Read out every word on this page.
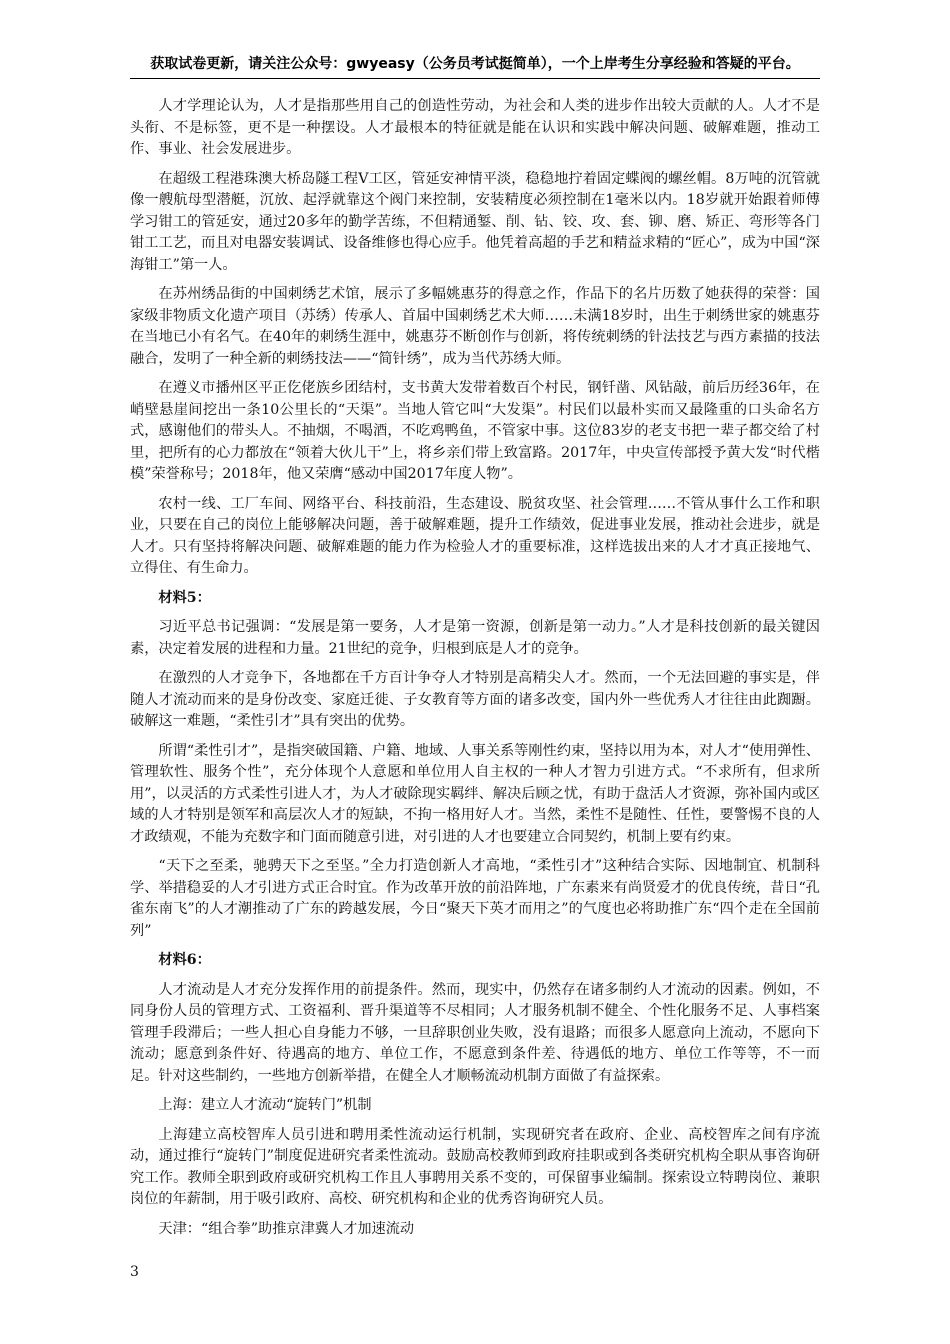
获取试卷更新，请关注公众号：gwyeasy（公务员考试挺简单），一个上岸考生分享经验和答疑的平台。

人才学理论认为，人才是指那些用自己的创造性劳动，为社会和人类的进步作出较大贡献的人。人才不是头衔、不是标签，更不是一种摆设。人才最根本的特征就是能在认识和实践中解决问题、破解难题，推动工作、事业、社会发展进步。

在超级工程港珠澳大桥岛隧工程Ⅴ工区，管延安神情平淡，稳稳地拧着固定蝶阀的螺丝帽。8万吨的沉管就像一艘航母型潜艇，沉放、起浮就靠这个阀门来控制，安装精度必须控制在1毫米以内。18岁就开始跟着师傅学习钳工的管延安，通过20多年的勤学苦练，不但精通錾、削、钻、铰、攻、套、铆、磨、矫正、弯形等各门钳工工艺，而且对电器安装调试、设备维修也得心应手。他凭着高超的手艺和精益求精的“匠心”，成为中国“深海钳工”第一人。

在苏州绣品街的中国刺绣艺术馆，展示了多幅姚惠芬的得意之作，作品下的名片历数了她获得的荣誉：国家级非物质文化遗产项目（苏绣）传承人、首届中国刺绣艺术大师……未满18岁时，出生于刺绣世家的姚惠芬在当地已小有名气。在40年的刺绣生涯中，姚惠芬不断创作与创新，将传统刺绣的针法技艺与西方素描的技法融合，发明了一种全新的刺绣技法——“简针绣”，成为当代苏绣大师。

在遵义市播州区平正仡佬族乡团结村，支书黄大发带着数百个村民，钢钎凿、风钻敲，前后历经36年，在峭壁悬崖间挖出一条10公里长的“天渠”。当地人管它叫“大发渠”。村民们以最朴实而又最隆重的口头命名方式，感谢他们的带头人。不抽烟，不喝酒，不吃鸡鸭鱼，不管家中事。这位83岁的老支书把一辈子都交给了村里，把所有的心力都放在“领着大伙儿干”上，将乡亲们带上致富路。2017年，中央宣传部授予黄大发“时代楷模”荣誉称号；2018年，他又荣膺“感动中国2017年度人物”。

农村一线、工厂车间、网络平台、科技前沿，生态建设、脱贫攻坚、社会管理……不管从事什么工作和职业，只要在自己的岗位上能够解决问题，善于破解难题，提升工作绩效，促进事业发展，推动社会进步，就是人才。只有坚持将解决问题、破解难题的能力作为检验人才的重要标准，这样选拔出来的人才才真正接地气、立得住、有生命力。

材料5：

习近平总书记强调：“发展是第一要务，人才是第一资源，创新是第一动力。”人才是科技创新的最关键因素，决定着发展的进程和力量。21世纪的竞争，归根到底是人才的竞争。

在激烈的人才竞争下，各地都在千方百计争夺人才特别是高精尖人才。然而，一个无法回避的事实是，伴随人才流动而来的是身份改变、家庭迁徙、子女教育等方面的诸多改变，国内外一些优秀人才往往由此踟蹰。破解这一难题，“柔性引才”具有突出的优势。

所谓“柔性引才”，是指突破国籍、户籍、地域、人事关系等刚性约束，坚持以用为本，对人才“使用弹性、管理软性、服务个性”，充分体现个人意愿和单位用人自主权的一种人才智力引进方式。“不求所有，但求所用”，以灵活的方式柔性引进人才，为人才破除现实羁绊、解决后顾之忧，有助于盘活人才资源，弥补国内或区域的人才特别是领军和高层次人才的短缺，不拘一格用好人才。当然，柔性不是随性、任性，要警惕不良的人才政绩观，不能为充数字和门面而随意引进，对引进的人才也要建立合同契约，机制上要有约束。

“天下之至柔，驰骋天下之至坚。”全力打造创新人才高地，“柔性引才”这种结合实际、因地制宜、机制科学、举措稳妥的人才引进方式正合时宜。作为改革开放的前沿阵地，广东素来有尚贤爱才的优良传统，昔日“孔雀东南飞”的人才潮推动了广东的跨越发展，今日“聚天下英才而用之”的气度也必将助推广东“四个走在全国前列”

材料6：

人才流动是人才充分发挥作用的前提条件。然而，现实中，仍然存在诸多制约人才流动的因素。例如，不同身份人员的管理方式、工资福利、晋升渠道等不尽相同；人才服务机制不健全、个性化服务不足、人事档案管理手段滞后；一些人担心自身能力不够，一旦辞职创业失败，没有退路；而很多人愿意向上流动，不愿向下流动；愿意到条件好、待遇高的地方、单位工作，不愿意到条件差、待遇低的地方、单位工作等等，不一而足。针对这些制约，一些地方创新举措，在健全人才顺畅流动机制方面做了有益探索。

上海：建立人才流动“旋转门”机制

上海建立高校智库人员引进和聘用柔性流动运行机制，实现研究者在政府、企业、高校智库之间有序流动，通过推行“旋转门”制度促进研究者柔性流动。鼓励高校教师到政府挂职或到各类研究机构全职从事咨询研究工作。教师全职到政府或研究机构工作且人事聘用关系不变的，可保留事业编制。探索设立特聘岗位、兼职岗位的年薪制，用于吸引政府、高校、研究机构和企业的优秀咨询研究人员。

天津：“组合拳”助推京津冀人才加速流动

3
